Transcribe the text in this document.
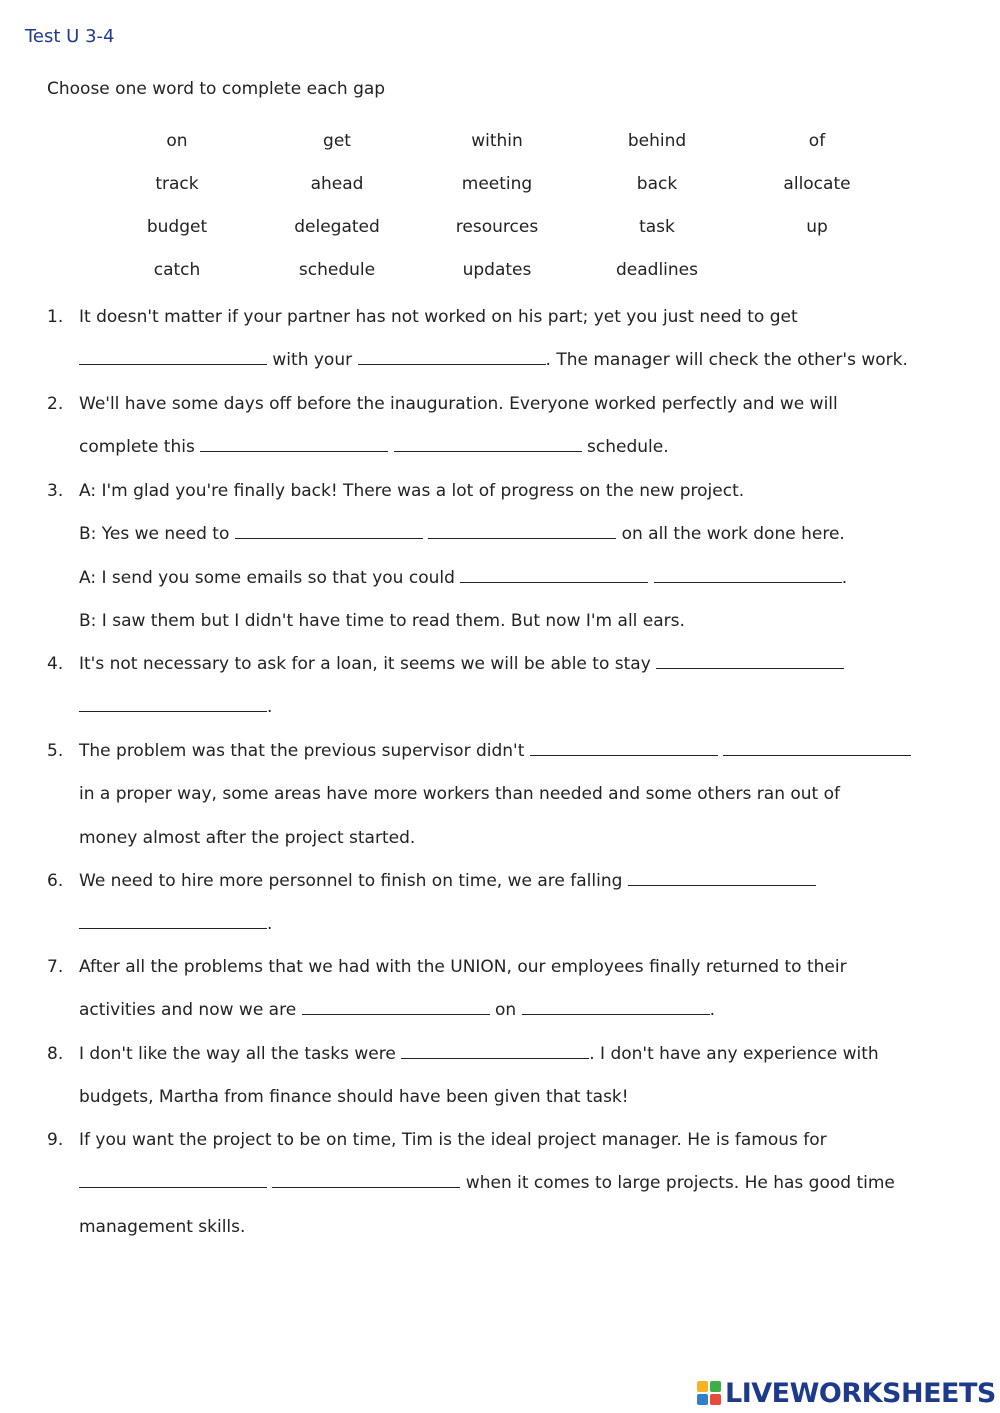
Test U 3-4
Choose one word to complete each gap
on	get	within	behind	of
track	ahead	meeting	back	allocate
budget	delegated	resources	task	up
catch	schedule	updates	deadlines
1. It doesn't matter if your partner has not worked on his part; yet you just need to get
with your	. The manager will check the other's work.
2. We'll have some days off before the inauguration. Everyone worked perfectly and we will
complete this	schedule.
3. A: I'm glad you're finally back! There was a lot of progress on the new project.
B: Yes we need to	on all the work done here.
A: I send you some emails so that you could	.
B: I saw them but I didn't have time to read them. But now I'm all ears.
4. It's not necessary to ask for a loan, it seems we will be able to stay
.
5. The problem was that the previous supervisor didn't
in a proper way, some areas have more workers than needed and some others ran out of
money almost after the project started.
6. We need to hire more personnel to finish on time, we are falling
.
7. After all the problems that we had with the UNION, our employees finally returned to their
activities and now we are	on	.
8. I don't like the way all the tasks were	. I don't have any experience with
budgets, Martha from finance should have been given that task!
9. If you want the project to be on time, Tim is the ideal project manager. He is famous for
when it comes to large projects. He has good time
management skills.
LIVEWORKSHEETS
